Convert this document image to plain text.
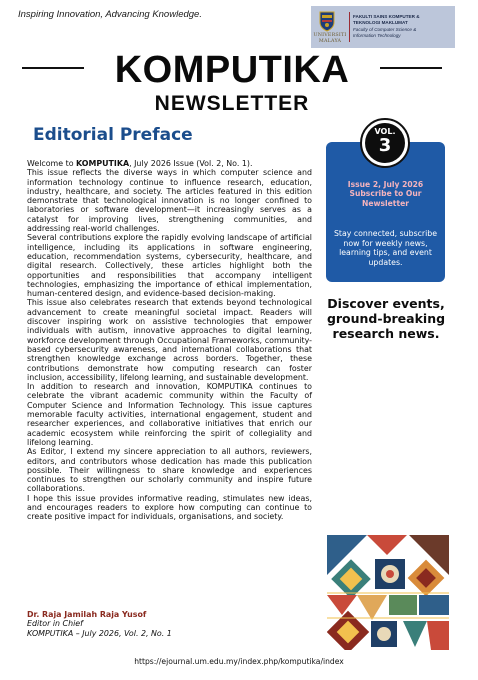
Inspiring Innovation, Advancing Knowledge.
UNIVERSITI
MALAYA
FAKULTI SAINS KOMPUTER &
TEKNOLOGI MAKLUMAT
Faculty of Computer Science &
Information Technology
KOMPUTIKA
NEWSLETTER
Editorial Preface

Welcome to KOMPUTIKA, July 2026 Issue (Vol. 2, No. 1).

This issue reflects the diverse ways in which computer science and information technology continue to influence research, education, industry, healthcare, and society. The articles featured in this edition demonstrate that technological innovation is no longer confined to laboratories or software development—it increasingly serves as a catalyst for improving lives, strengthening communities, and addressing real-world challenges.

Several contributions explore the rapidly evolving landscape of artificial intelligence, including its applications in software engineering, education, recommendation systems, cybersecurity, healthcare, and digital research. Collectively, these articles highlight both the opportunities and responsibilities that accompany intelligent technologies, emphasizing the importance of ethical implementation, human-centered design, and evidence-based decision-making.

This issue also celebrates research that extends beyond technological advancement to create meaningful societal impact. Readers will discover inspiring work on assistive technologies that empower individuals with autism, innovative approaches to digital learning, workforce development through Occupational Frameworks, community-based cybersecurity awareness, and international collaborations that strengthen knowledge exchange across borders. Together, these contributions demonstrate how computing research can foster inclusion, accessibility, lifelong learning, and sustainable development.

In addition to research and innovation, KOMPUTIKA continues to celebrate the vibrant academic community within the Faculty of Computer Science and Information Technology. This issue captures memorable faculty activities, international engagement, student and researcher experiences, and collaborative initiatives that enrich our academic ecosystem while reinforcing the spirit of collegiality and lifelong learning.

As Editor, I extend my sincere appreciation to all authors, reviewers, editors, and contributors whose dedication has made this publication possible. Their willingness to share knowledge and experiences continues to strengthen our scholarly community and inspire future collaborations.

I hope this issue provides informative reading, stimulates new ideas, and encourages readers to explore how computing can continue to create positive impact for individuals, organisations, and society.

Dr. Raja Jamilah Raja Yusof
Editor in Chief
KOMPUTIKA – July 2026, Vol. 2, No. 1
Issue 2, July 2026 Subscribe to Our Newsletter
Stay connected, subscribe now for weekly news, learning tips, and event updates.
VOL.
3
Discover events, ground-breaking research news.
https://ejournal.um.edu.my/index.php/komputika/index
